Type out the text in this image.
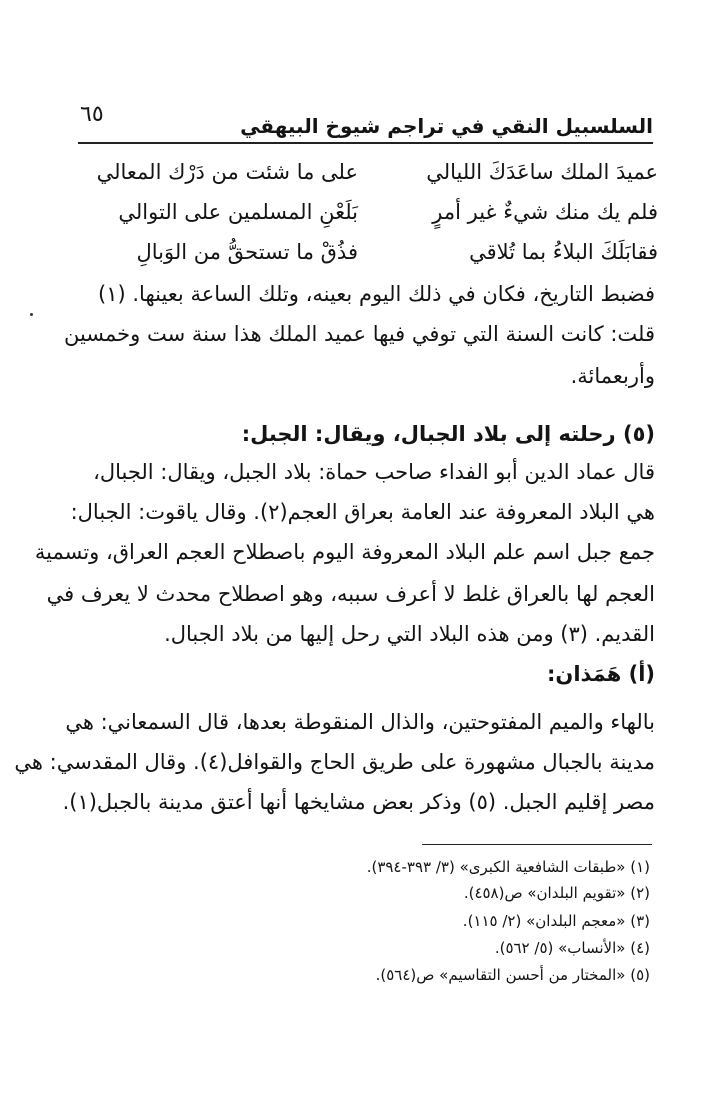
٦٥	السلسبيل النقي في تراجم شيوخ البيهقي
عميدَ الملك ساعَدَكَ الليالي
على ما شئت من دَرْك المعالي
فلم يك منك شيءٌ غير أمرٍ
بَلَعْنِ المسلمين على التوالي
فقابَلَكَ البلاءُ بما تُلاقي
فذُقْ ما تستحقُّ من الوَبالِ
فضبط التاريخ، فكان في ذلك اليوم بعينه، وتلك الساعة بعينها. (١)
قلت: كانت السنة التي توفي فيها عميد الملك هذا سنة ست وخمسين
وأربعمائة.
(٥) رحلته إلى بلاد الجبال، ويقال: الجبل:
قال عماد الدين أبو الفداء صاحب حماة: بلاد الجبل، ويقال: الجبال،
هي البلاد المعروفة عند العامة بعراق العجم(٢). وقال ياقوت: الجبال:
جمع جبل اسم علم البلاد المعروفة اليوم باصطلاح العجم العراق، وتسمية
العجم لها بالعراق غلط لا أعرف سببه، وهو اصطلاح محدث لا يعرف في
القديم. (٣) ومن هذه البلاد التي رحل إليها من بلاد الجبال.
(أ) هَمَذان:
بالهاء والميم المفتوحتين، والذال المنقوطة بعدها، قال السمعاني: هي
مدينة بالجبال مشهورة على طريق الحاج والقوافل(٤). وقال المقدسي: هي
مصر إقليم الجبل. (٥) وذكر بعض مشايخها أنها أعتق مدينة بالجبل(١).
(١) «طبقات الشافعية الكبرى» (٣/ ٣٩٣-٣٩٤).
(٢) «تقويم البلدان» ص(٤٥٨).
(٣) «معجم البلدان» (٢/ ١١٥).
(٤) «الأنساب» (٥/ ٥٦٢).
(٥) «المختار من أحسن التقاسيم» ص(٥٦٤).
